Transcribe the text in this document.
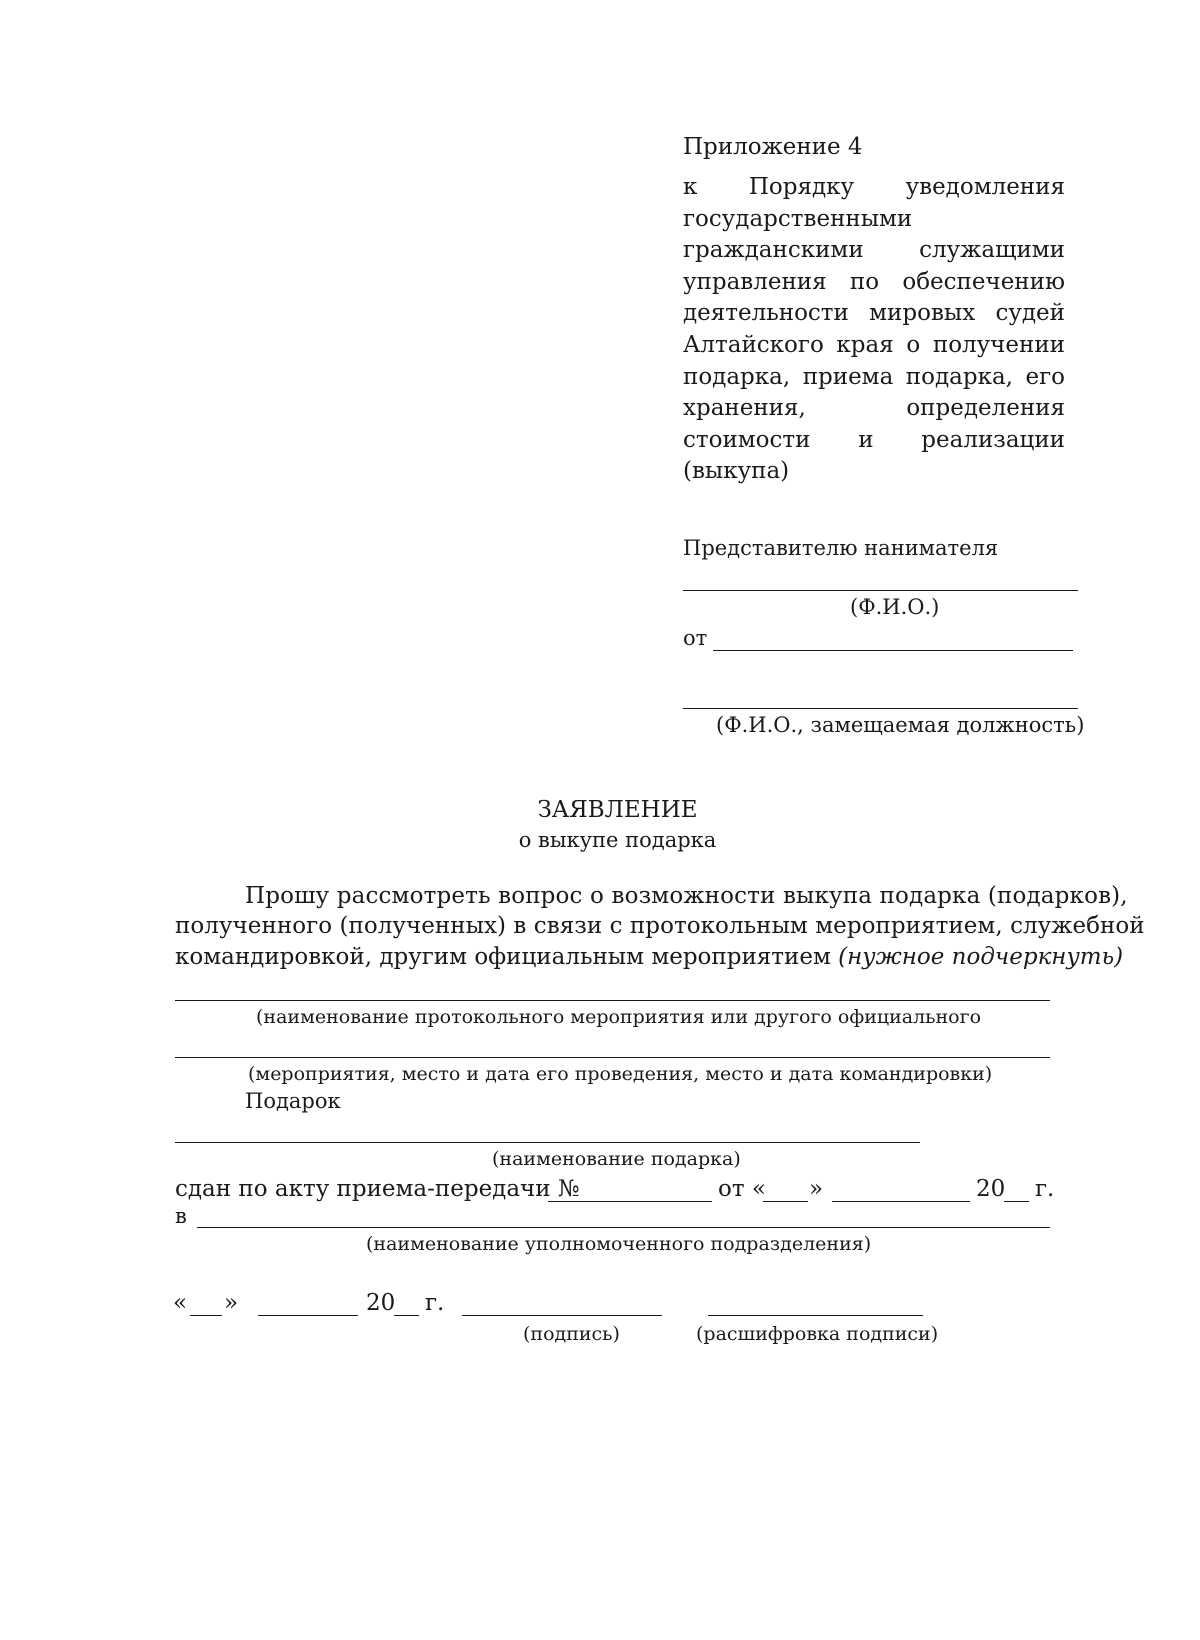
Приложение 4
к Порядку уведомления
государственными
гражданскими служащими
управления по обеспечению
деятельности мировых судей
Алтайского края о получении
подарка, приема подарка, его
хранения,	определения
стоимости и реализации
(выкупа)
Представителю нанимателя
(Ф.И.О.)
от
(Ф.И.О., замещаемая должность)
ЗАЯВЛЕНИЕ
о выкупе подарка
Прошу рассмотреть вопрос о возможности выкупа подарка (подарков),
полученного (полученных) в связи с протокольным мероприятием, служебной
командировкой, другим официальным мероприятием (нужное подчеркнуть)
(наименование протокольного мероприятия или другого официального
(мероприятия, место и дата его проведения, место и дата командировки)
Подарок
(наименование подарка)
сдан по акту приема-передачи №	от « »	20 г.
в
(наименование уполномоченного подразделения)
« »	20 г.
(подпись)	(расшифровка подписи)
